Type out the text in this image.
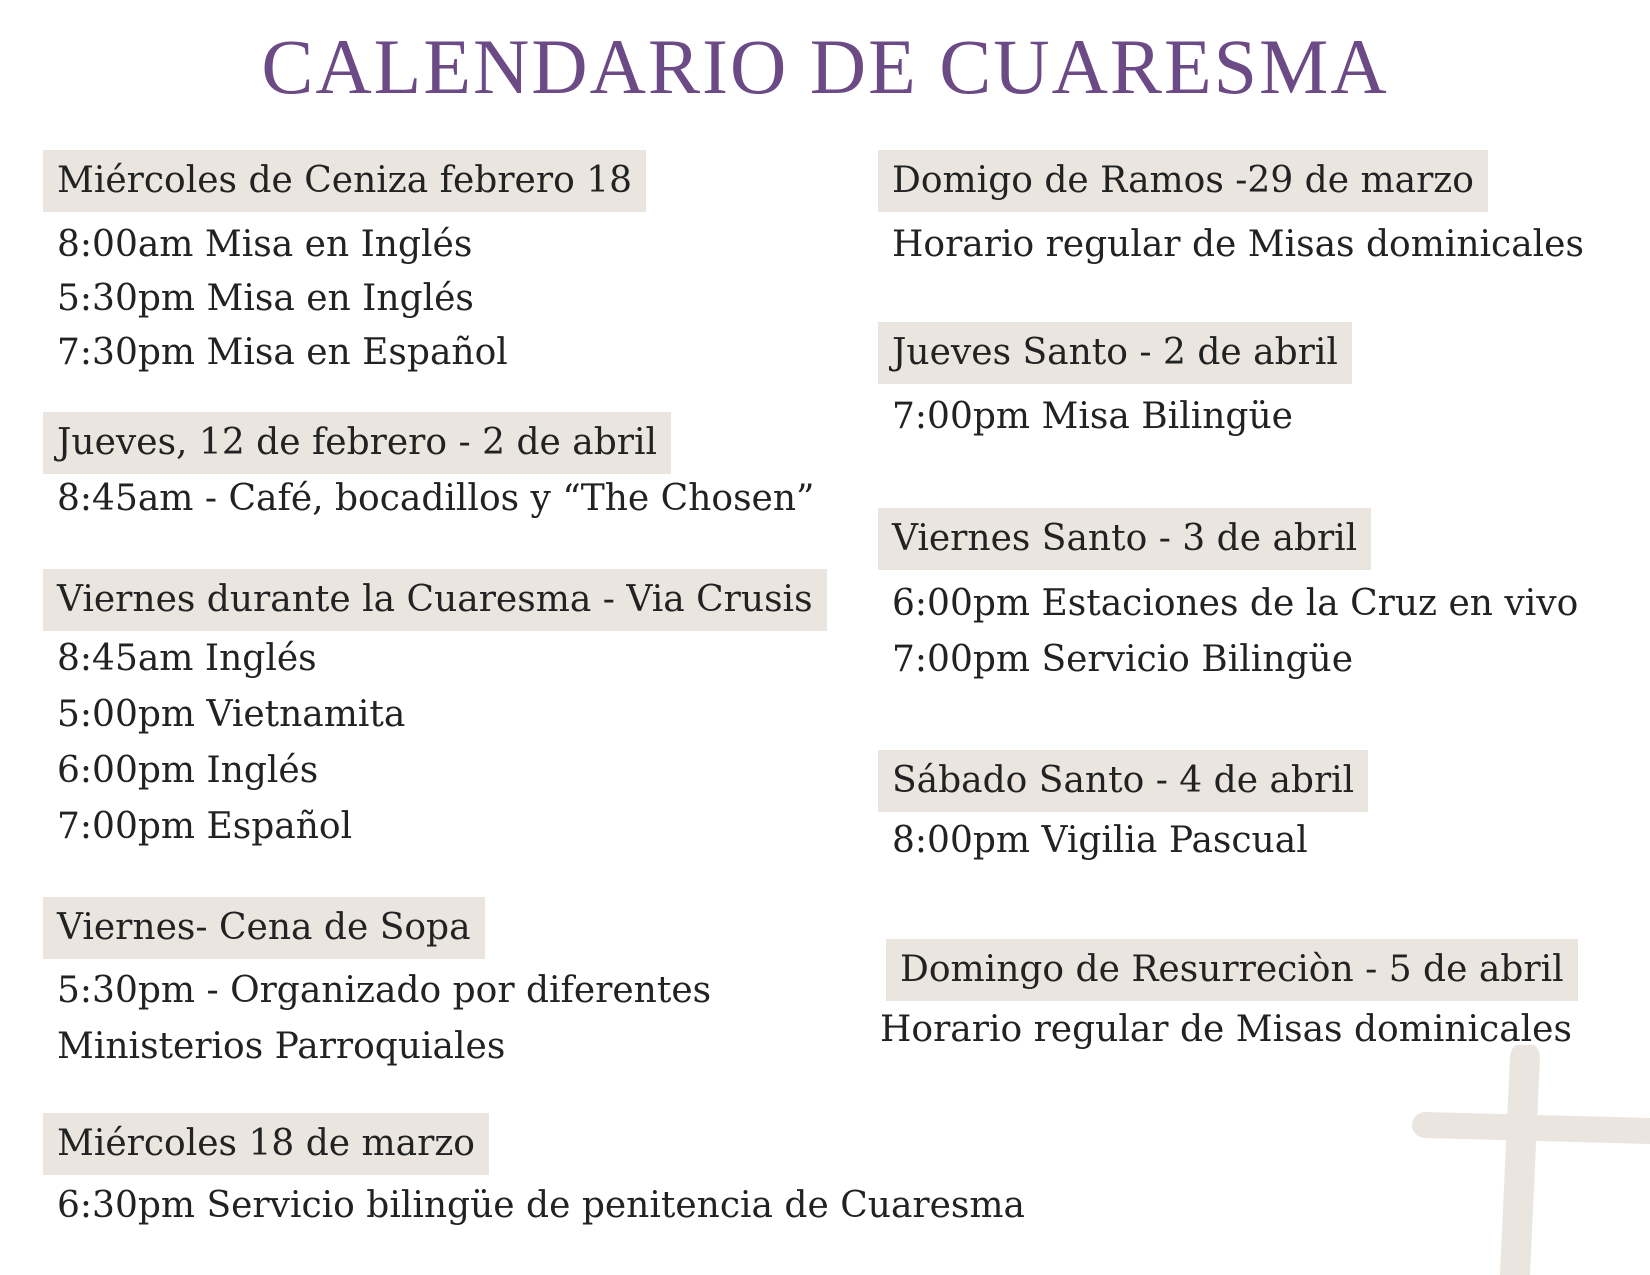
CALENDARIO DE CUARESMA
Miércoles de Ceniza febrero 18
8:00am Misa en Inglés
5:30pm Misa en Inglés
7:30pm Misa en Español
Jueves, 12 de febrero - 2 de abril
8:45am - Café, bocadillos y “The Chosen”
Viernes durante la Cuaresma - Via Crusis
8:45am Inglés
5:00pm Vietnamita
6:00pm Inglés
7:00pm Español
Viernes- Cena de Sopa
5:30pm - Organizado por diferentes
Ministerios Parroquiales
Miércoles 18 de marzo
6:30pm Servicio bilingüe de penitencia de Cuaresma
Domigo de Ramos -29 de marzo
Horario regular de Misas dominicales
Jueves Santo - 2 de abril
7:00pm Misa Bilingüe
Viernes Santo - 3 de abril
6:00pm Estaciones de la Cruz en vivo
7:00pm Servicio Bilingüe
Sábado Santo - 4 de abril
8:00pm Vigilia Pascual
Domingo de Resurreciòn - 5 de abril
Horario regular de Misas dominicales
